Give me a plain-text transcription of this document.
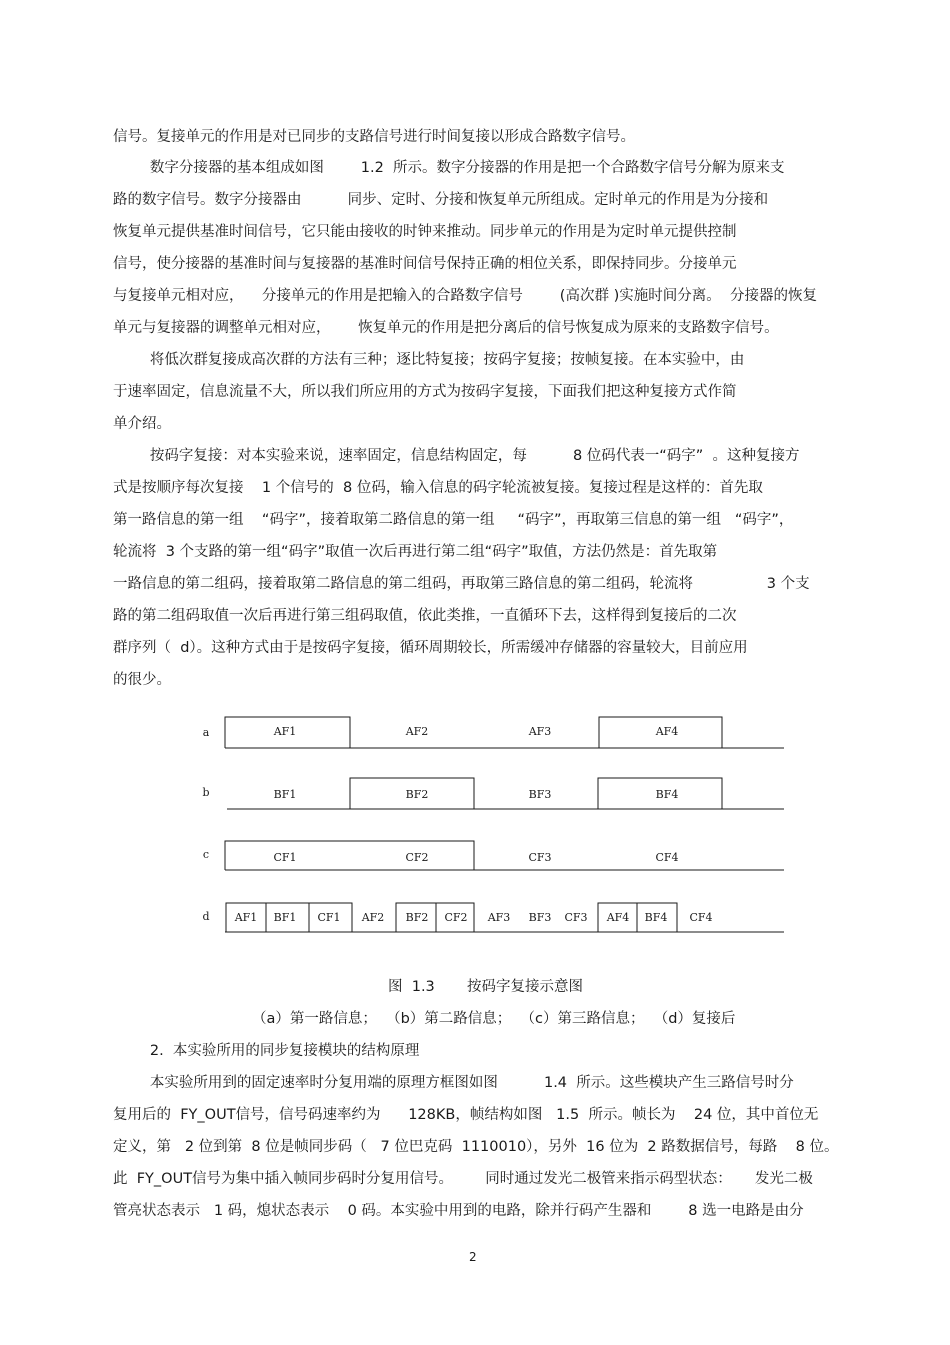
信号。复接单元的作用是对已同步的支路信号进行时间复接以形成合路数字信号。

数字分接器的基本组成如图        1.2  所示。数字分接器的作用是把一个合路数字信号分解为原来支

路的数字信号。数字分接器由          同步、定时、分接和恢复单元所组成。定时单元的作用是为分接和

恢复单元提供基准时间信号，它只能由接收的时钟来推动。同步单元的作用是为定时单元提供控制

信号，使分接器的基准时间与复接器的基准时间信号保持正确的相位关系，即保持同步。分接单元

与复接单元相对应，    分接单元的作用是把输入的合路数字信号        (高次群 )实施时间分离。  分接器的恢复

单元与复接器的调整单元相对应，      恢复单元的作用是把分离后的信号恢复成为原来的支路数字信号。

将低次群复接成高次群的方法有三种；逐比特复接；按码字复接；按帧复接。在本实验中，由

于速率固定，信息流量不大，所以我们所应用的方式为按码字复接，下面我们把这种复接方式作简

单介绍。

按码字复接：对本实验来说，速率固定，信息结构固定，每          8 位码代表一“码字”  。这种复接方

式是按顺序每次复接    1 个信号的  8 位码，输入信息的码字轮流被复接。复接过程是这样的：首先取

第一路信息的第一组    “码字”，接着取第二路信息的第一组     “码字”，再取第三信息的第一组   “码字”，

轮流将  3 个支路的第一组“码字”取值一次后再进行第二组“码字”取值，方法仍然是：首先取第

一路信息的第二组码，接着取第二路信息的第二组码，再取第三路信息的第二组码，轮流将                3 个支

路的第二组码取值一次后再进行第三组码取值，依此类推，一直循环下去，这样得到复接后的二次

群序列（  d）。这种方式由于是按码字复接，循环周期较长，所需缓冲存储器的容量较大，目前应用

的很少。

a	AF1	AF2	AF3	AF4
b	BF1	BF2	BF3	BF4
c	CF1	CF2	CF3	CF4
d AF1 BF1 CF1 AF2 BF2 CF2 AF3 BF3 CF3 AF4 BF4 CF4

图  1.3       按码字复接示意图

（a）第一路信息；  （b）第二路信息；  （c）第三路信息；  （d）复接后

2.  本实验所用的同步复接模块的结构原理

本实验所用到的固定速率时分复用端的原理方框图如图          1.4  所示。这些模块产生三路信号时分

复用后的  FY_OUT信号，信号码速率约为      128KB，帧结构如图   1.5  所示。帧长为    24 位，其中首位无

定义，第   2 位到第  8 位是帧同步码（   7 位巴克码  1110010），另外  16 位为  2 路数据信号，每路    8 位。

此  FY_OUT信号为集中插入帧同步码时分复用信号。       同时通过发光二极管来指示码型状态：     发光二极

管亮状态表示   1 码，熄状态表示    0 码。本实验中用到的电路，除并行码产生器和        8 选一电路是由分

2
